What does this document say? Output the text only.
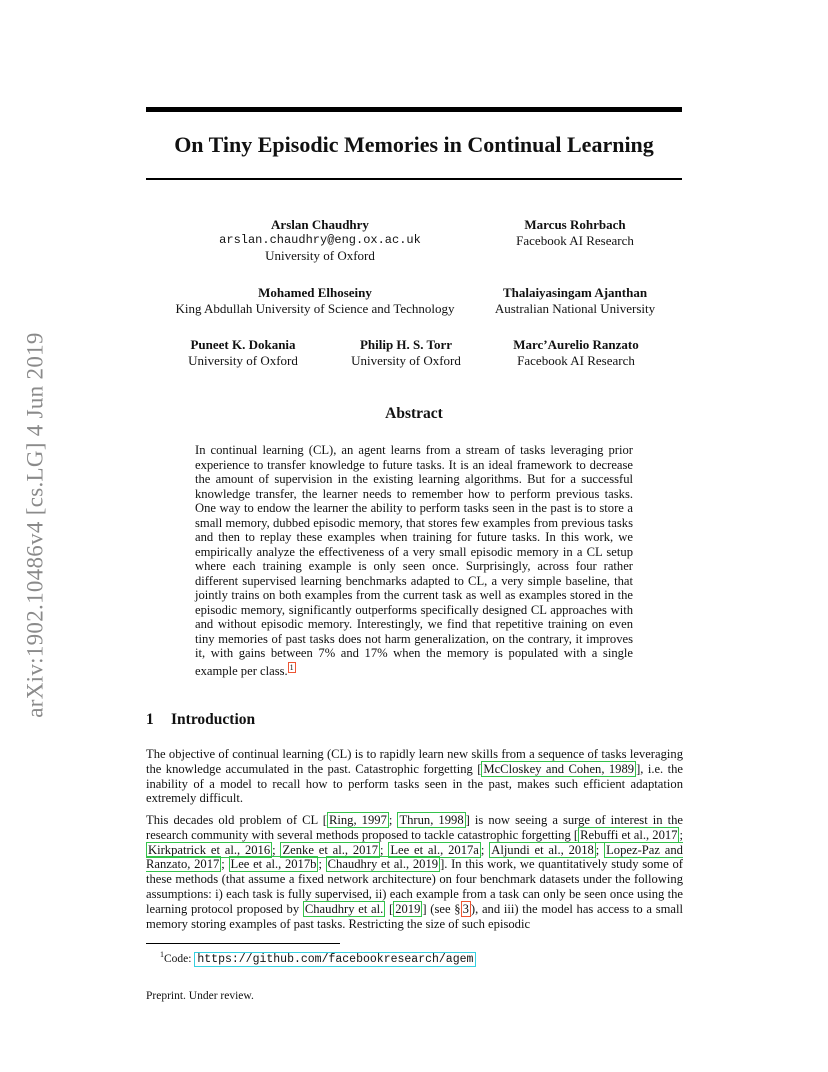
arXiv:1902.10486v4 [cs.LG] 4 Jun 2019
On Tiny Episodic Memories in Continual Learning
Arslan Chaudhry
arslan.chaudhry@eng.ox.ac.uk
University of Oxford
Marcus Rohrbach
Facebook AI Research
Mohamed Elhoseiny
King Abdullah University of Science and Technology
Thalaiyasingam Ajanthan
Australian National University
Puneet K. Dokania
University of Oxford
Philip H. S. Torr
University of Oxford
Marc’Aurelio Ranzato
Facebook AI Research
Abstract
In continual learning (CL), an agent learns from a stream of tasks leveraging prior experience to transfer knowledge to future tasks. It is an ideal framework to decrease the amount of supervision in the existing learning algorithms. But for a successful knowledge transfer, the learner needs to remember how to perform previous tasks. One way to endow the learner the ability to perform tasks seen in the past is to store a small memory, dubbed episodic memory, that stores few examples from previous tasks and then to replay these examples when training for future tasks. In this work, we empirically analyze the effectiveness of a very small episodic memory in a CL setup where each training example is only seen once. Surprisingly, across four rather different supervised learning benchmarks adapted to CL, a very simple baseline, that jointly trains on both examples from the current task as well as examples stored in the episodic memory, significantly outperforms specifically designed CL approaches with and without episodic memory. Interestingly, we find that repetitive training on even tiny memories of past tasks does not harm generalization, on the contrary, it improves it, with gains between 7% and 17% when the memory is populated with a single example per class. $^1$
1 Introduction
The objective of continual learning (CL) is to rapidly learn new skills from a sequence of tasks leveraging the knowledge accumulated in the past. Catastrophic forgetting [ McCloskey and Cohen, 1989 ], i.e. the inability of a model to recall how to perform tasks seen in the past, makes such efficient adaptation extremely difficult.
This decades old problem of CL [ Ring, 1997 ; Thrun, 1998 ] is now seeing a surge of interest in the research community with several methods proposed to tackle catastrophic forgetting [ Rebuffi et al., 2017 ; Kirkpatrick et al., 2016 ; Zenke et al., 2017 ; Lee et al., 2017a ; Aljundi et al., 2018 ; Lopez-Paz and Ranzato, 2017 ; Lee et al., 2017b ; Chaudhry et al., 2019 ]. In this work, we quantitatively study some of these methods (that assume a fixed network architecture) on four benchmark datasets under the following assumptions: i) each task is fully supervised, ii) each example from a task can only be seen once using the learning protocol proposed by Chaudhry et al. [ 2019 ] (see § 3 ), and iii) the model has access to a small memory storing examples of past tasks. Restricting the size of such episodic
$^1$Code: https://github.com/facebookresearch/agem
Preprint. Under review.
